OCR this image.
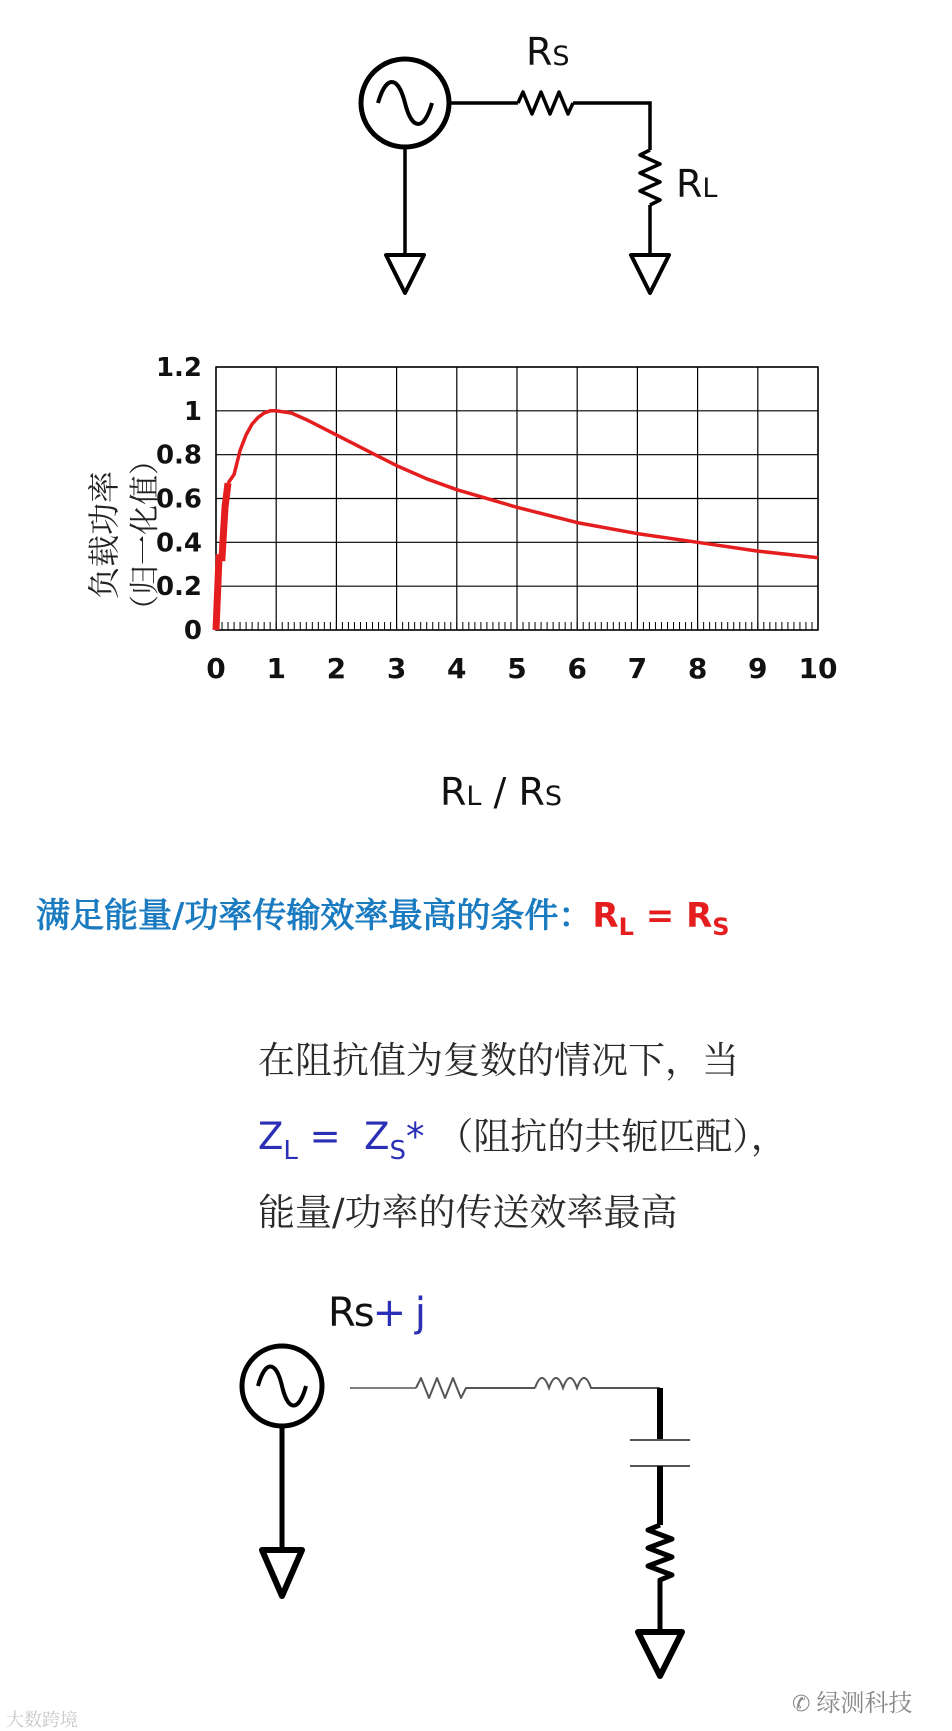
RS
RL
负载功率 （归一化值）
0 1 2 3 4 5 6 7 8 9 10
0
0.2
0.4
0.6
0.8
1
1.2
RL / RS
满足能量/功率传输效率最高的条件：$R_L = R_S$
在阻抗值为复数的情况下，当
$Z_L = Z_S*$ （阻抗的共轭匹配），
能量/功率的传送效率最高
Rs+ j
✆ 绿测科技
大数跨境
